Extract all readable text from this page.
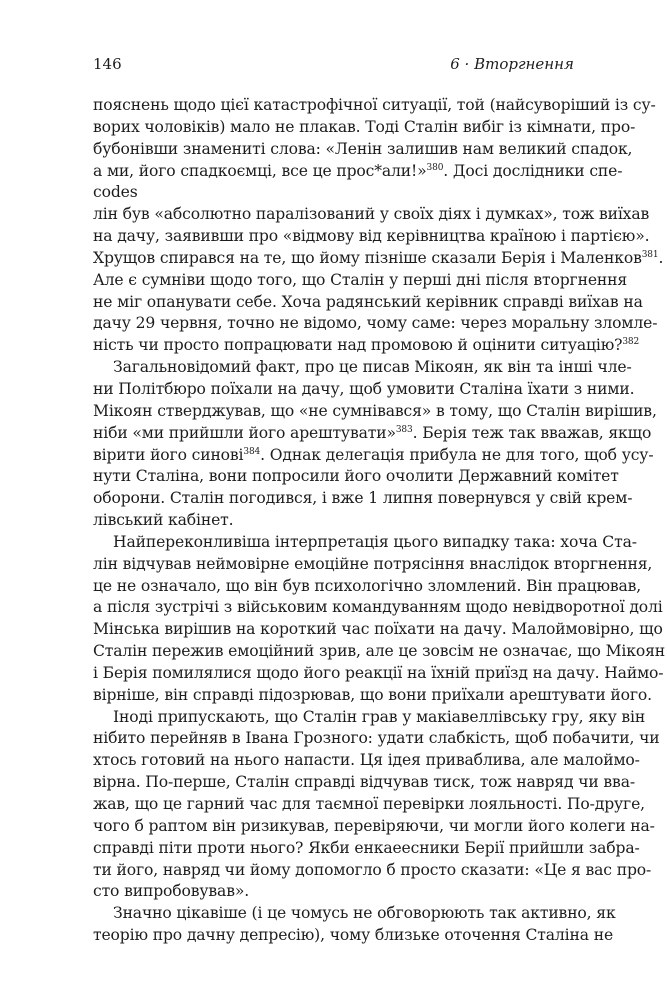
146	6 · Вторгнення
пояснень щодо цієї катастрофічної ситуації, той (найсуворіший із су-
ворих чоловіків) мало не плакав. Тоді Сталін вибіг із кімнати, про-
бубонівши знамениті слова: «Ленін залишив нам великий спадок,
а ми, його спадкоємці, все це прос*али!»$^{380}$. Досі дослідники спе-
codes
лін був «абсолютно паралізований у своїх діях і думках», тож виїхав
на дачу, заявивши про «відмову від керівництва країною і партією».
Хрущов спирався на те, що йому пізніше сказали Берія і Маленков$^{381}$.
Але є сумніви щодо того, що Сталін у перші дні після вторгнення
не міг опанувати себе. Хоча радянський керівник справді виїхав на
дачу 29 червня, точно не відомо, чому саме: через моральну зломле-
ність чи просто попрацювати над промовою й оцінити ситуацію?$^{382}$
Загальновідомий факт, про це писав Мікоян, як він та інші чле-
ни Політбюро поїхали на дачу, щоб умовити Сталіна їхати з ними.
Мікоян стверджував, що «не сумнівався» в тому, що Сталін вирішив,
ніби «ми прийшли його арештувати»$^{383}$. Берія теж так вважав, якщо
вірити його синові$^{384}$. Однак делегація прибула не для того, щоб усу-
нути Сталіна, вони попросили його очолити Державний комітет
оборони. Сталін погодився, і вже 1 липня повернувся у свій крем-
лівський кабінет.
Найпереконливіша інтерпретація цього випадку така: хоча Ста-
лін відчував неймовірне емоційне потрясіння внаслідок вторгнення,
це не означало, що він був психологічно зломлений. Він працював,
а після зустрічі з військовим командуванням щодо невідворотної долі
Мінська вирішив на короткий час поїхати на дачу. Малоймовірно, що
Сталін пережив емоційний зрив, але це зовсім не означає, що Мікоян
і Берія помилялися щодо його реакції на їхній приїзд на дачу. Наймо-
вірніше, він справді підозрював, що вони приїхали арештувати його.
Іноді припускають, що Сталін грав у макіавеллівську гру, яку він
нібито перейняв в Івана Грозного: удати слабкість, щоб побачити, чи
хтось готовий на нього напасти. Ця ідея приваблива, але малоймо-
вірна. По-перше, Сталін справді відчував тиск, тож навряд чи вва-
жав, що це гарний час для таємної перевірки лояльності. По-друге,
чого б раптом він ризикував, перевіряючи, чи могли його колеги на-
справді піти проти нього? Якби енкаеесники Берії прийшли забра-
ти його, навряд чи йому допомогло б просто сказати: «Це я вас про-
сто випробовував».
Значно цікавіше (і це чомусь не обговорюють так активно, як
теорію про дачну депресію), чому близьке оточення Сталіна не
